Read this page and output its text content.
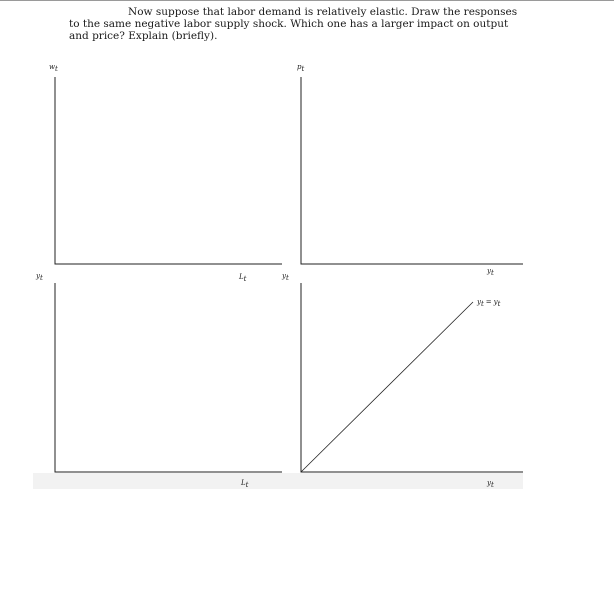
Now suppose that labor demand is relatively elastic. Draw the responses
to the same negative labor supply shock. Which one has a larger impact on output
and price? Explain (briefly).
wt
Lt
pt
yt
yt
Lt
yt
yt = yt
yt
